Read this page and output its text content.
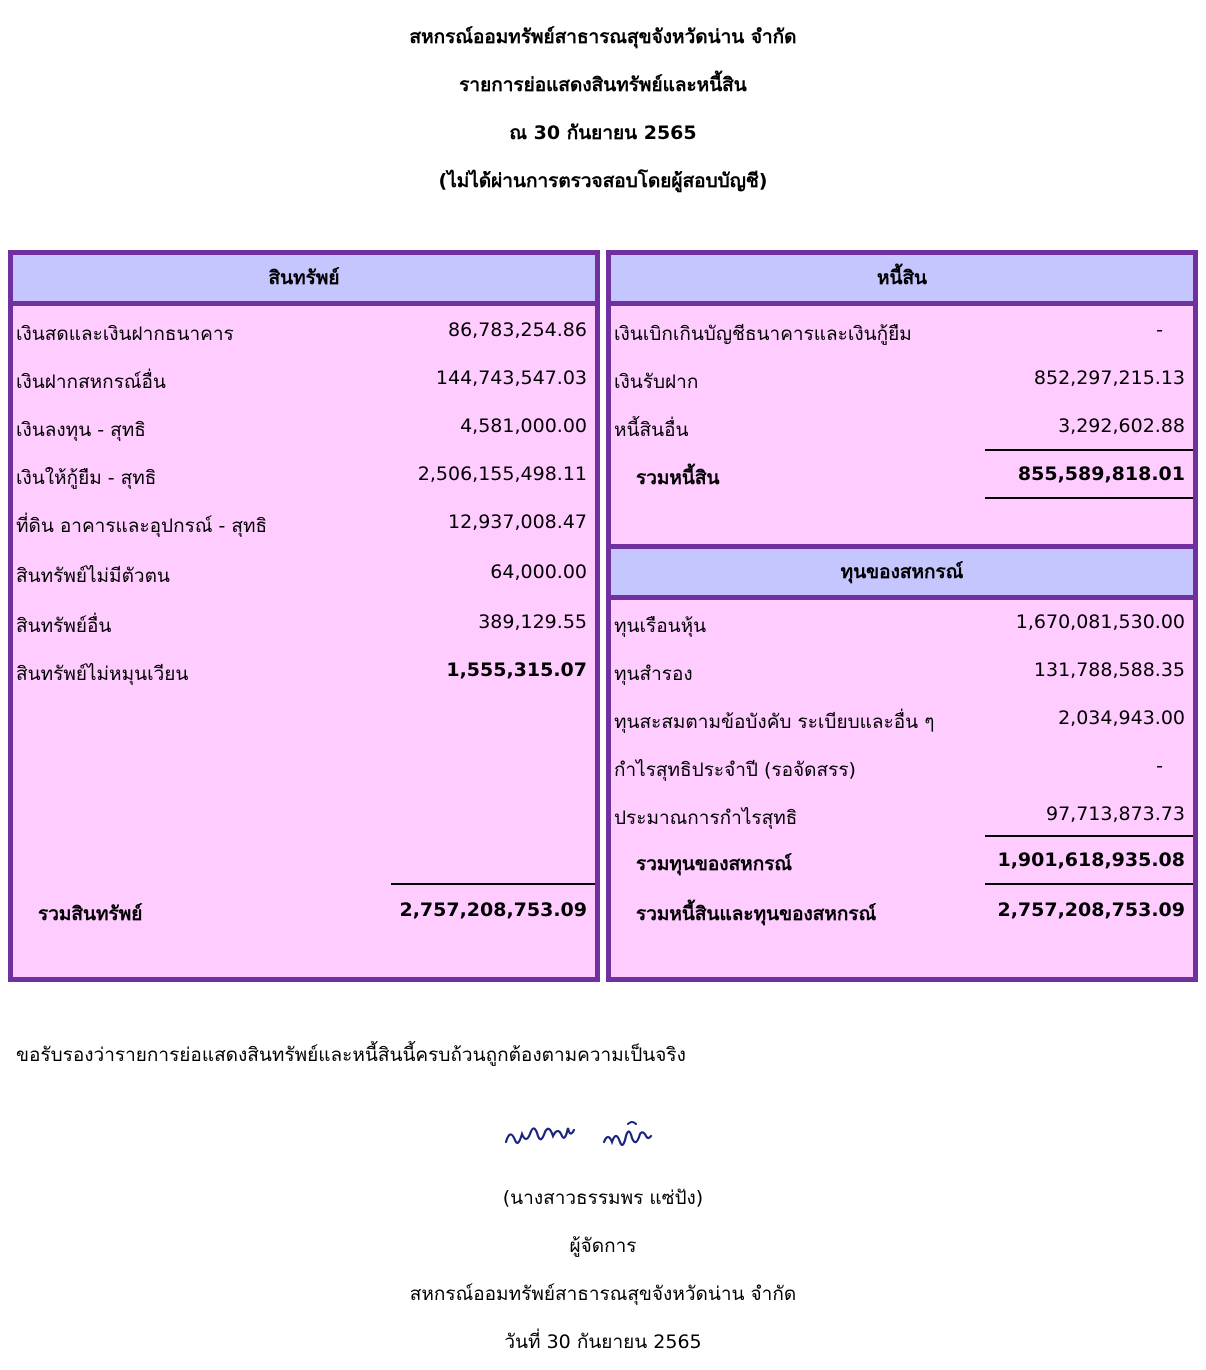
สหกรณ์ออมทรัพย์สาธารณสุขจังหวัดน่าน จำกัด
รายการย่อแสดงสินทรัพย์และหนี้สิน
ณ 30 กันยายน 2565
(ไม่ได้ผ่านการตรวจสอบโดยผู้สอบบัญชี)
สินทรัพย์
เงินสดและเงินฝากธนาคาร	86,783,254.86
เงินฝากสหกรณ์อื่น	144,743,547.03
เงินลงทุน - สุทธิ	4,581,000.00
เงินให้กู้ยืม - สุทธิ	2,506,155,498.11
ที่ดิน อาคารและอุปกรณ์ - สุทธิ	12,937,008.47
สินทรัพย์ไม่มีตัวตน	64,000.00
สินทรัพย์อื่น	389,129.55
สินทรัพย์ไม่หมุนเวียน	1,555,315.07
รวมสินทรัพย์	2,757,208,753.09
หนี้สิน
เงินเบิกเกินบัญชีธนาคารและเงินกู้ยืม	-
เงินรับฝาก	852,297,215.13
หนี้สินอื่น	3,292,602.88
รวมหนี้สิน	855,589,818.01
ทุนของสหกรณ์
ทุนเรือนหุ้น	1,670,081,530.00
ทุนสำรอง	131,788,588.35
ทุนสะสมตามข้อบังคับ ระเบียบและอื่น ๆ	2,034,943.00
กำไรสุทธิประจำปี (รอจัดสรร)	-
ประมาณการกำไรสุทธิ	97,713,873.73
รวมทุนของสหกรณ์	1,901,618,935.08
รวมหนี้สินและทุนของสหกรณ์	2,757,208,753.09
ขอรับรองว่ารายการย่อแสดงสินทรัพย์และหนี้สินนี้ครบถ้วนถูกต้องตามความเป็นจริง
(นางสาวธรรมพร แซ่ปัง)
ผู้จัดการ
สหกรณ์ออมทรัพย์สาธารณสุขจังหวัดน่าน จำกัด
วันที่ 30 กันยายน 2565
